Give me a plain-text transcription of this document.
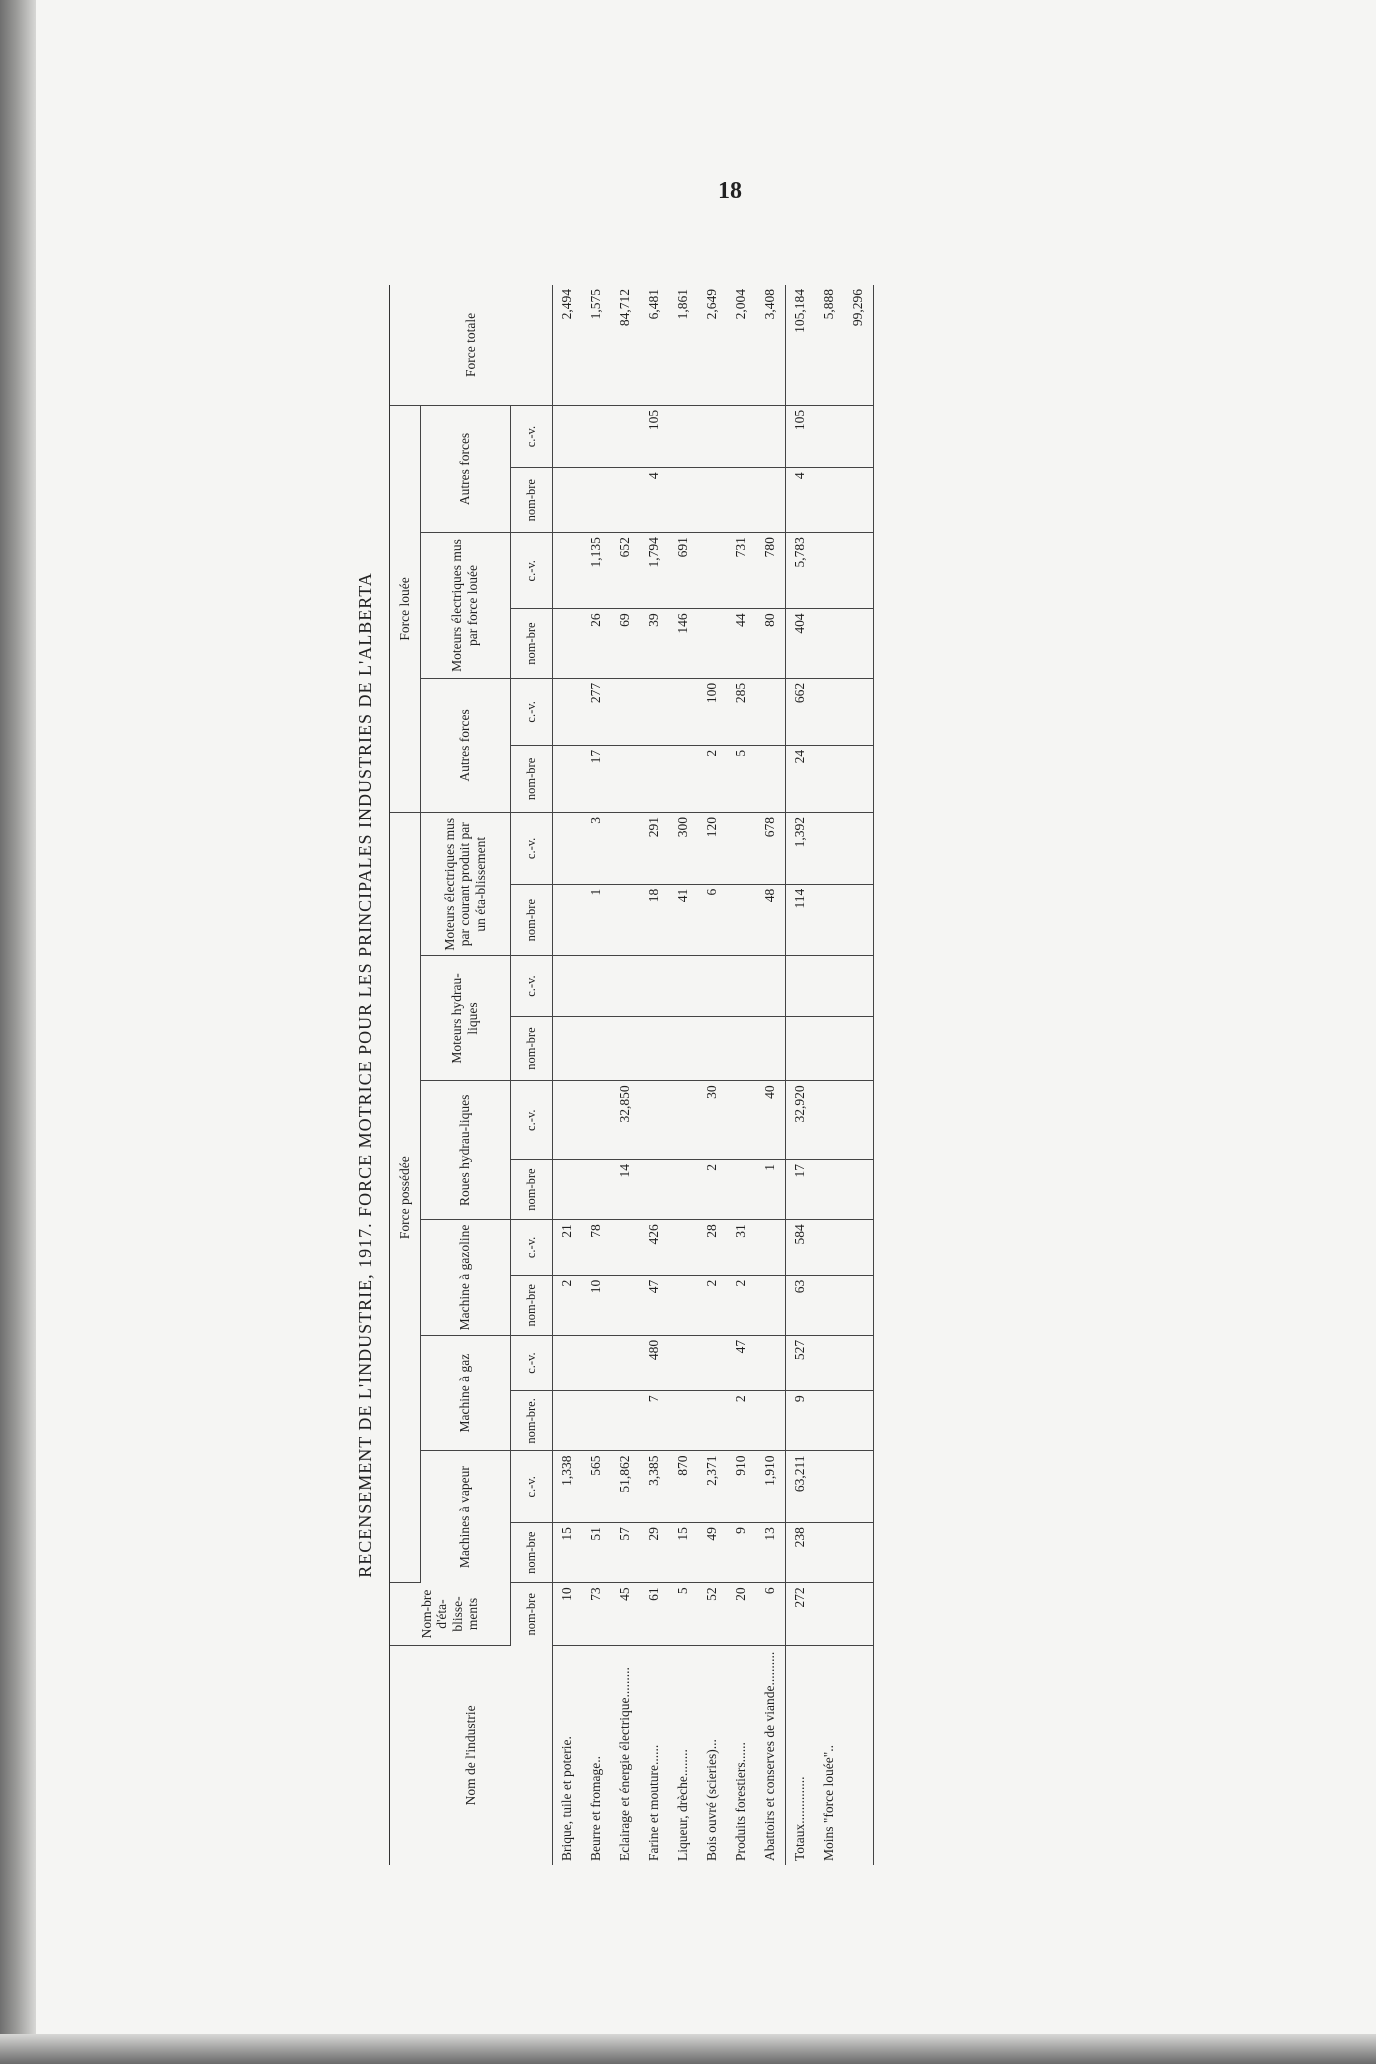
18
RECENSEMENT DE L'INDUSTRIE, 1917. FORCE MOTRICE POUR LES PRINCIPALES INDUSTRIES DE L'ALBERTA
Nom de l'industrie	Nom-bre d'éta-blisse-ments	Force possédée												Force louée						Force totale
		Machines à vapeur		Machine à gaz		Machine à gazoline		Roues hydrau-liques		Moteurs hydrau-liques		Moteurs électriques mus par courant produit par un éta-blissement		Autres forces		Moteurs électriques mus par force louée		Autres forces		
	nom-bre	nom-bre	c.-v.	nom-bre.	c.-v.	nom-bre	c.-v.	nom-bre	c.-v.	nom-bre	c.-v.	nom-bre	c.-v.	nom-bre	c.-v.	nom-bre	c.-v.	nom-bre	c.-v.	
Brique, tuile et poterie.	10	15	1,338			2	21													2,494
Beurre et fromage..	73	51	565			10	78					1	3	17	277	26	1,135			1,575
Eclairage et énergie électrique.........	45	57	51,862					14	32,850							69	652			84,712
Farine et mouture......	61	29	3,385	7	480	47	426					18	291			39	1,794	4	105	6,481
Liqueur, drèche........	5	15	870									41	300			146	691			1,861
Bois ouvré (scieries)...	52	49	2,371			2	28	2	30			6	120	2	100					2,649
Produits forestiers......	20	9	910	2	47	2	31							5	285	44	731			2,004
Abattoirs et conserves de viande..........	6	13	1,910					1	40			48	678			80	780			3,408
Totaux..............	272	238	63,211	9	527	63	584	17	32,920			114	1,392	24	662	404	5,783	4	105	105,184
Moins "force louée"..																				5,888
																				99,296
